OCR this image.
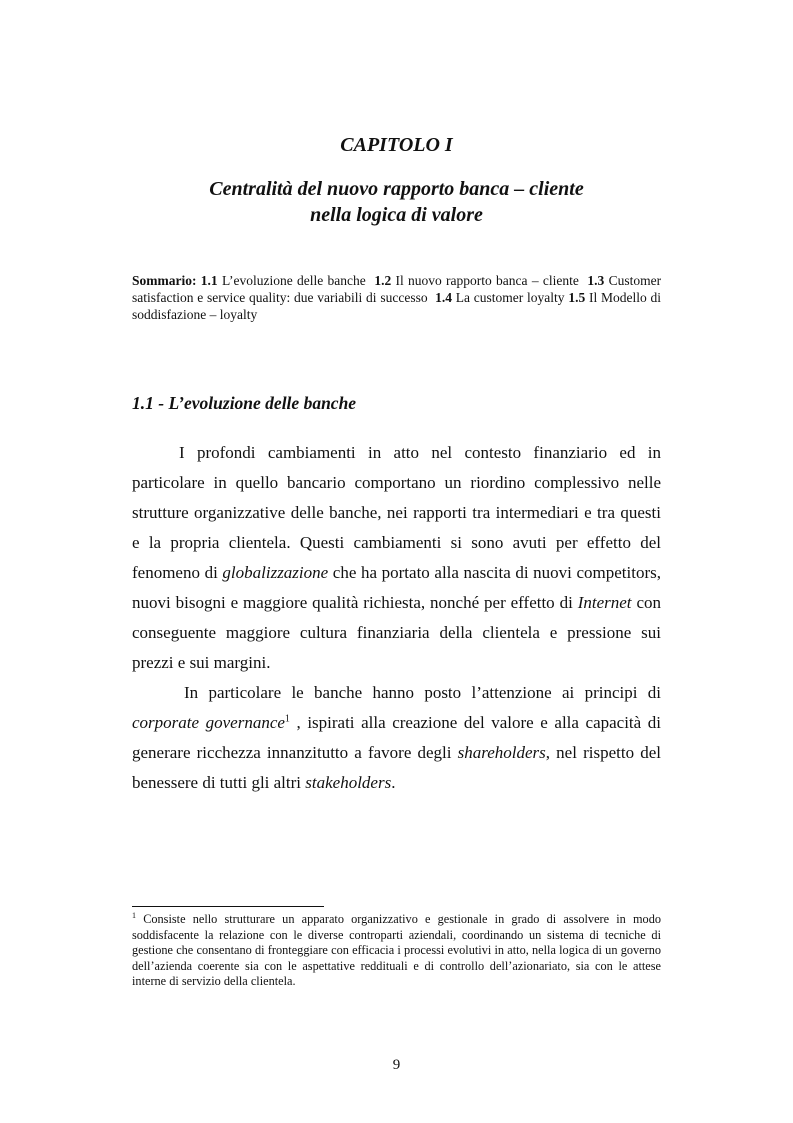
CAPITOLO I
Centralità del nuovo rapporto banca – cliente
nella logica di valore
Sommario: 1.1 L’evoluzione delle banche 1.2 Il nuovo rapporto banca – cliente 1.3 Customer satisfaction e service quality: due variabili di successo 1.4 La customer loyalty 1.5 Il Modello di soddisfazione – loyalty
1.1 - L’evoluzione delle banche

I profondi cambiamenti in atto nel contesto finanziario ed in particolare in quello bancario comportano un riordino complessivo nelle strutture organizzative delle banche, nei rapporti tra intermediari e tra questi e la propria clientela. Questi cambiamenti si sono avuti per effetto del fenomeno di globalizzazione che ha portato alla nascita di nuovi competitors, nuovi bisogni e maggiore qualità richiesta, nonché per effetto di Internet con conseguente maggiore cultura finanziaria della clientela e pressione sui prezzi e sui margini.

In particolare le banche hanno posto l’attenzione ai principi di corporate governance$^1$ , ispirati alla creazione del valore e alla capacità di generare ricchezza innanzitutto a favore degli shareholders, nel rispetto del benessere di tutti gli altri stakeholders.

$^1$ Consiste nello strutturare un apparato organizzativo e gestionale in grado di assolvere in modo soddisfacente la relazione con le diverse controparti aziendali, coordinando un sistema di tecniche di gestione che consentano di fronteggiare con efficacia i processi evolutivi in atto, nella logica di un governo dell’azienda coerente sia con le aspettative reddituali e di controllo dell’azionariato, sia con le attese interne di servizio della clientela.
9
